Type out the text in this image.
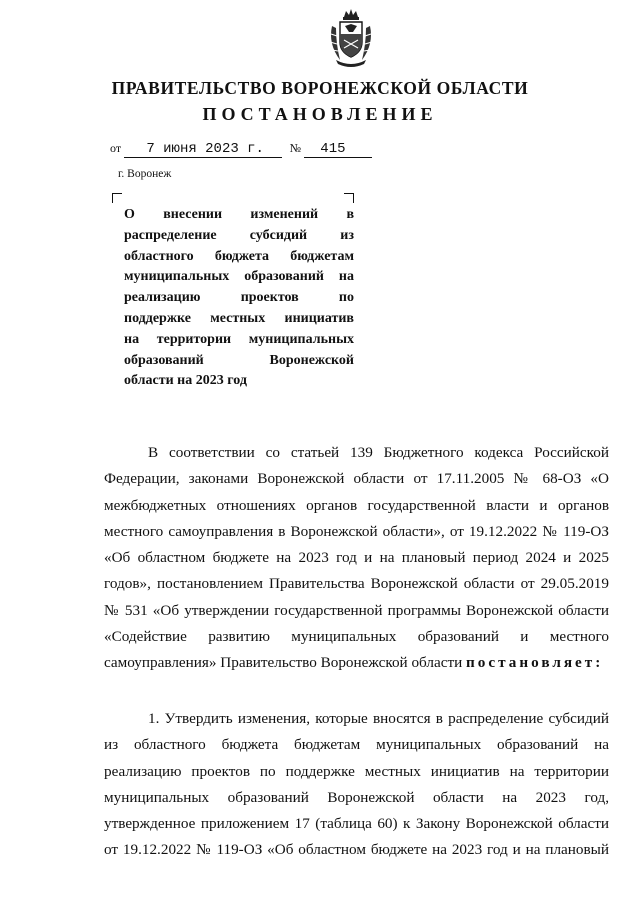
ПРАВИТЕЛЬСТВО ВОРОНЕЖСКОЙ ОБЛАСТИ
ПОСТАНОВЛЕНИЕ
от 7 июня 2023 г. № 415
г. Воронеж
О внесении изменений в
распределение субсидий из
областного бюджета бюджетам
муниципальных образований на
реализацию проектов по
поддержке местных инициатив
на территории муниципальных
образований Воронежской
области на 2023 год
В соответствии со статьей 139 Бюджетного кодекса Российской
Федерации, законами Воронежской области от 17.11.2005 № 68-ОЗ «О
межбюджетных отношениях органов государственной власти и органов
местного самоуправления в Воронежской области», от 19.12.2022 № 119-ОЗ
«Об областном бюджете на 2023 год и на плановый период 2024 и 2025
годов», постановлением Правительства Воронежской области от 29.05.2019
№ 531 «Об утверждении государственной программы Воронежской области
«Содействие развитию муниципальных образований и местного
самоуправления» Правительство Воронежской области постановляет:
1. Утвердить изменения, которые вносятся в распределение субсидий
из областного бюджета бюджетам муниципальных образований на
реализацию проектов по поддержке местных инициатив на территории
муниципальных образований Воронежской области на 2023 год,
утвержденное приложением 17 (таблица 60) к Закону Воронежской области
от 19.12.2022 № 119-ОЗ «Об областном бюджете на 2023 год и на плановый
